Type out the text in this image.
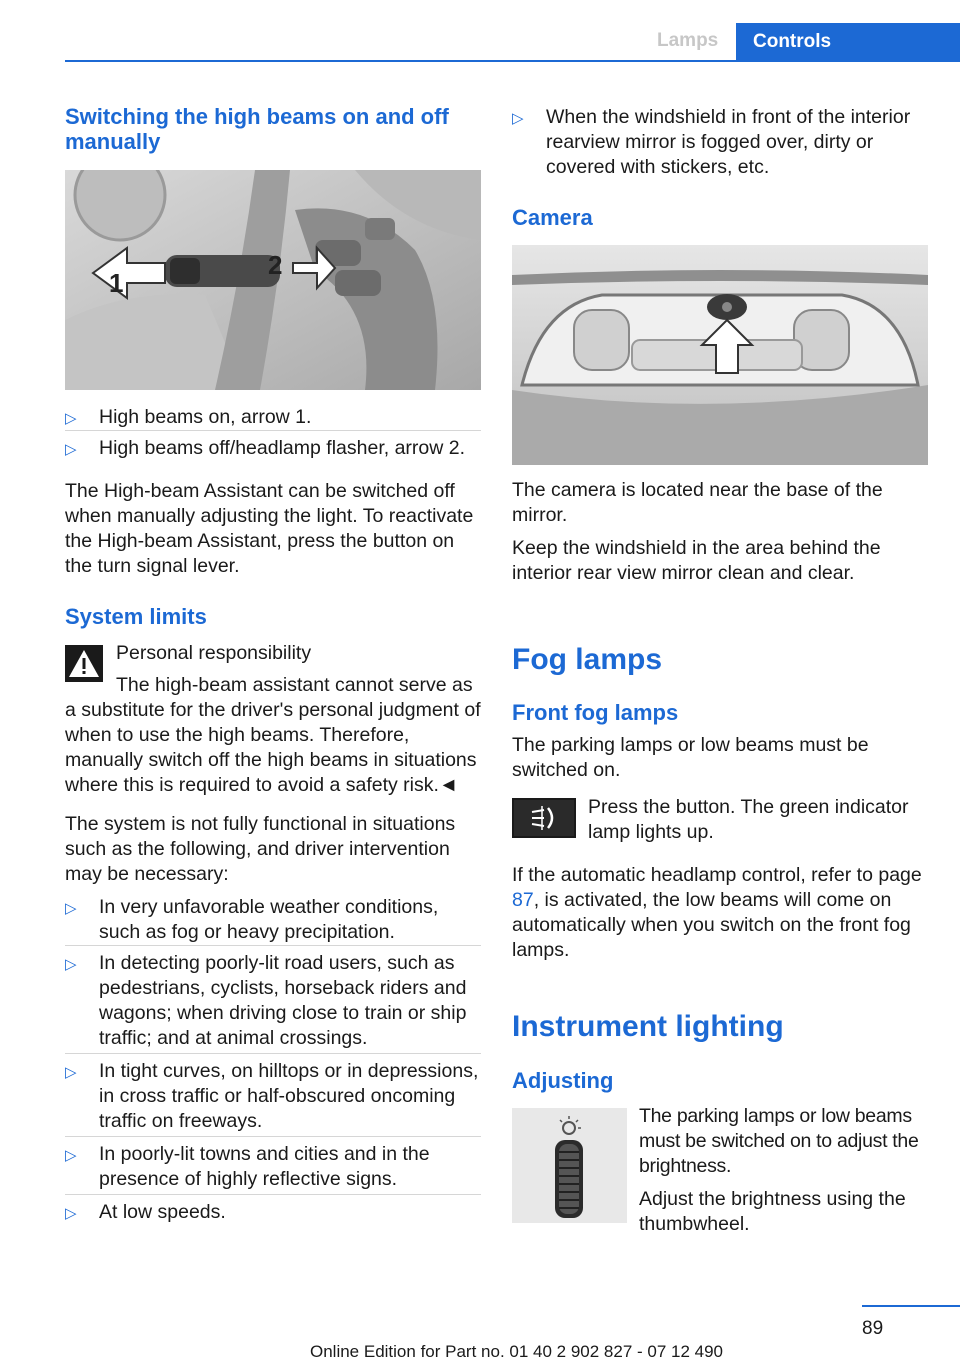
Lamps	Controls
Switching the high beams on and off manually
1
2
▷ High beams on, arrow 1.
▷ High beams off/headlamp flasher, arrow 2.
The High-beam Assistant can be switched off when manually adjusting the light. To reactivate the High-beam Assistant, press the button on the turn signal lever.
System limits
Personal responsibility
The high-beam assistant cannot serve as a substitute for the driver's personal judgment of when to use the high beams. Therefore, manually switch off the high beams in situations where this is required to avoid a safety risk.◄
The system is not fully functional in situations such as the following, and driver intervention may be necessary:
▷ In very unfavorable weather conditions, such as fog or heavy precipitation.
▷ In detecting poorly-lit road users, such as pedestrians, cyclists, horseback riders and wagons; when driving close to train or ship traffic; and at animal crossings.
▷ In tight curves, on hilltops or in depressions, in cross traffic or half-obscured oncoming traffic on freeways.
▷ In poorly-lit towns and cities and in the presence of highly reflective signs.
▷ At low speeds.
▷ When the windshield in front of the interior rearview mirror is fogged over, dirty or covered with stickers, etc.
Camera
The camera is located near the base of the mirror.
Keep the windshield in the area behind the interior rear view mirror clean and clear.
Fog lamps
Front fog lamps
The parking lamps or low beams must be switched on.
Press the button. The green indicator lamp lights up.
If the automatic headlamp control, refer to page 87, is activated, the low beams will come on automatically when you switch on the front fog lamps.
Instrument lighting
Adjusting
The parking lamps or low beams must be switched on to adjust the brightness.
Adjust the brightness using the thumbwheel.
89
Online Edition for Part no. 01 40 2 902 827 - 07 12 490
